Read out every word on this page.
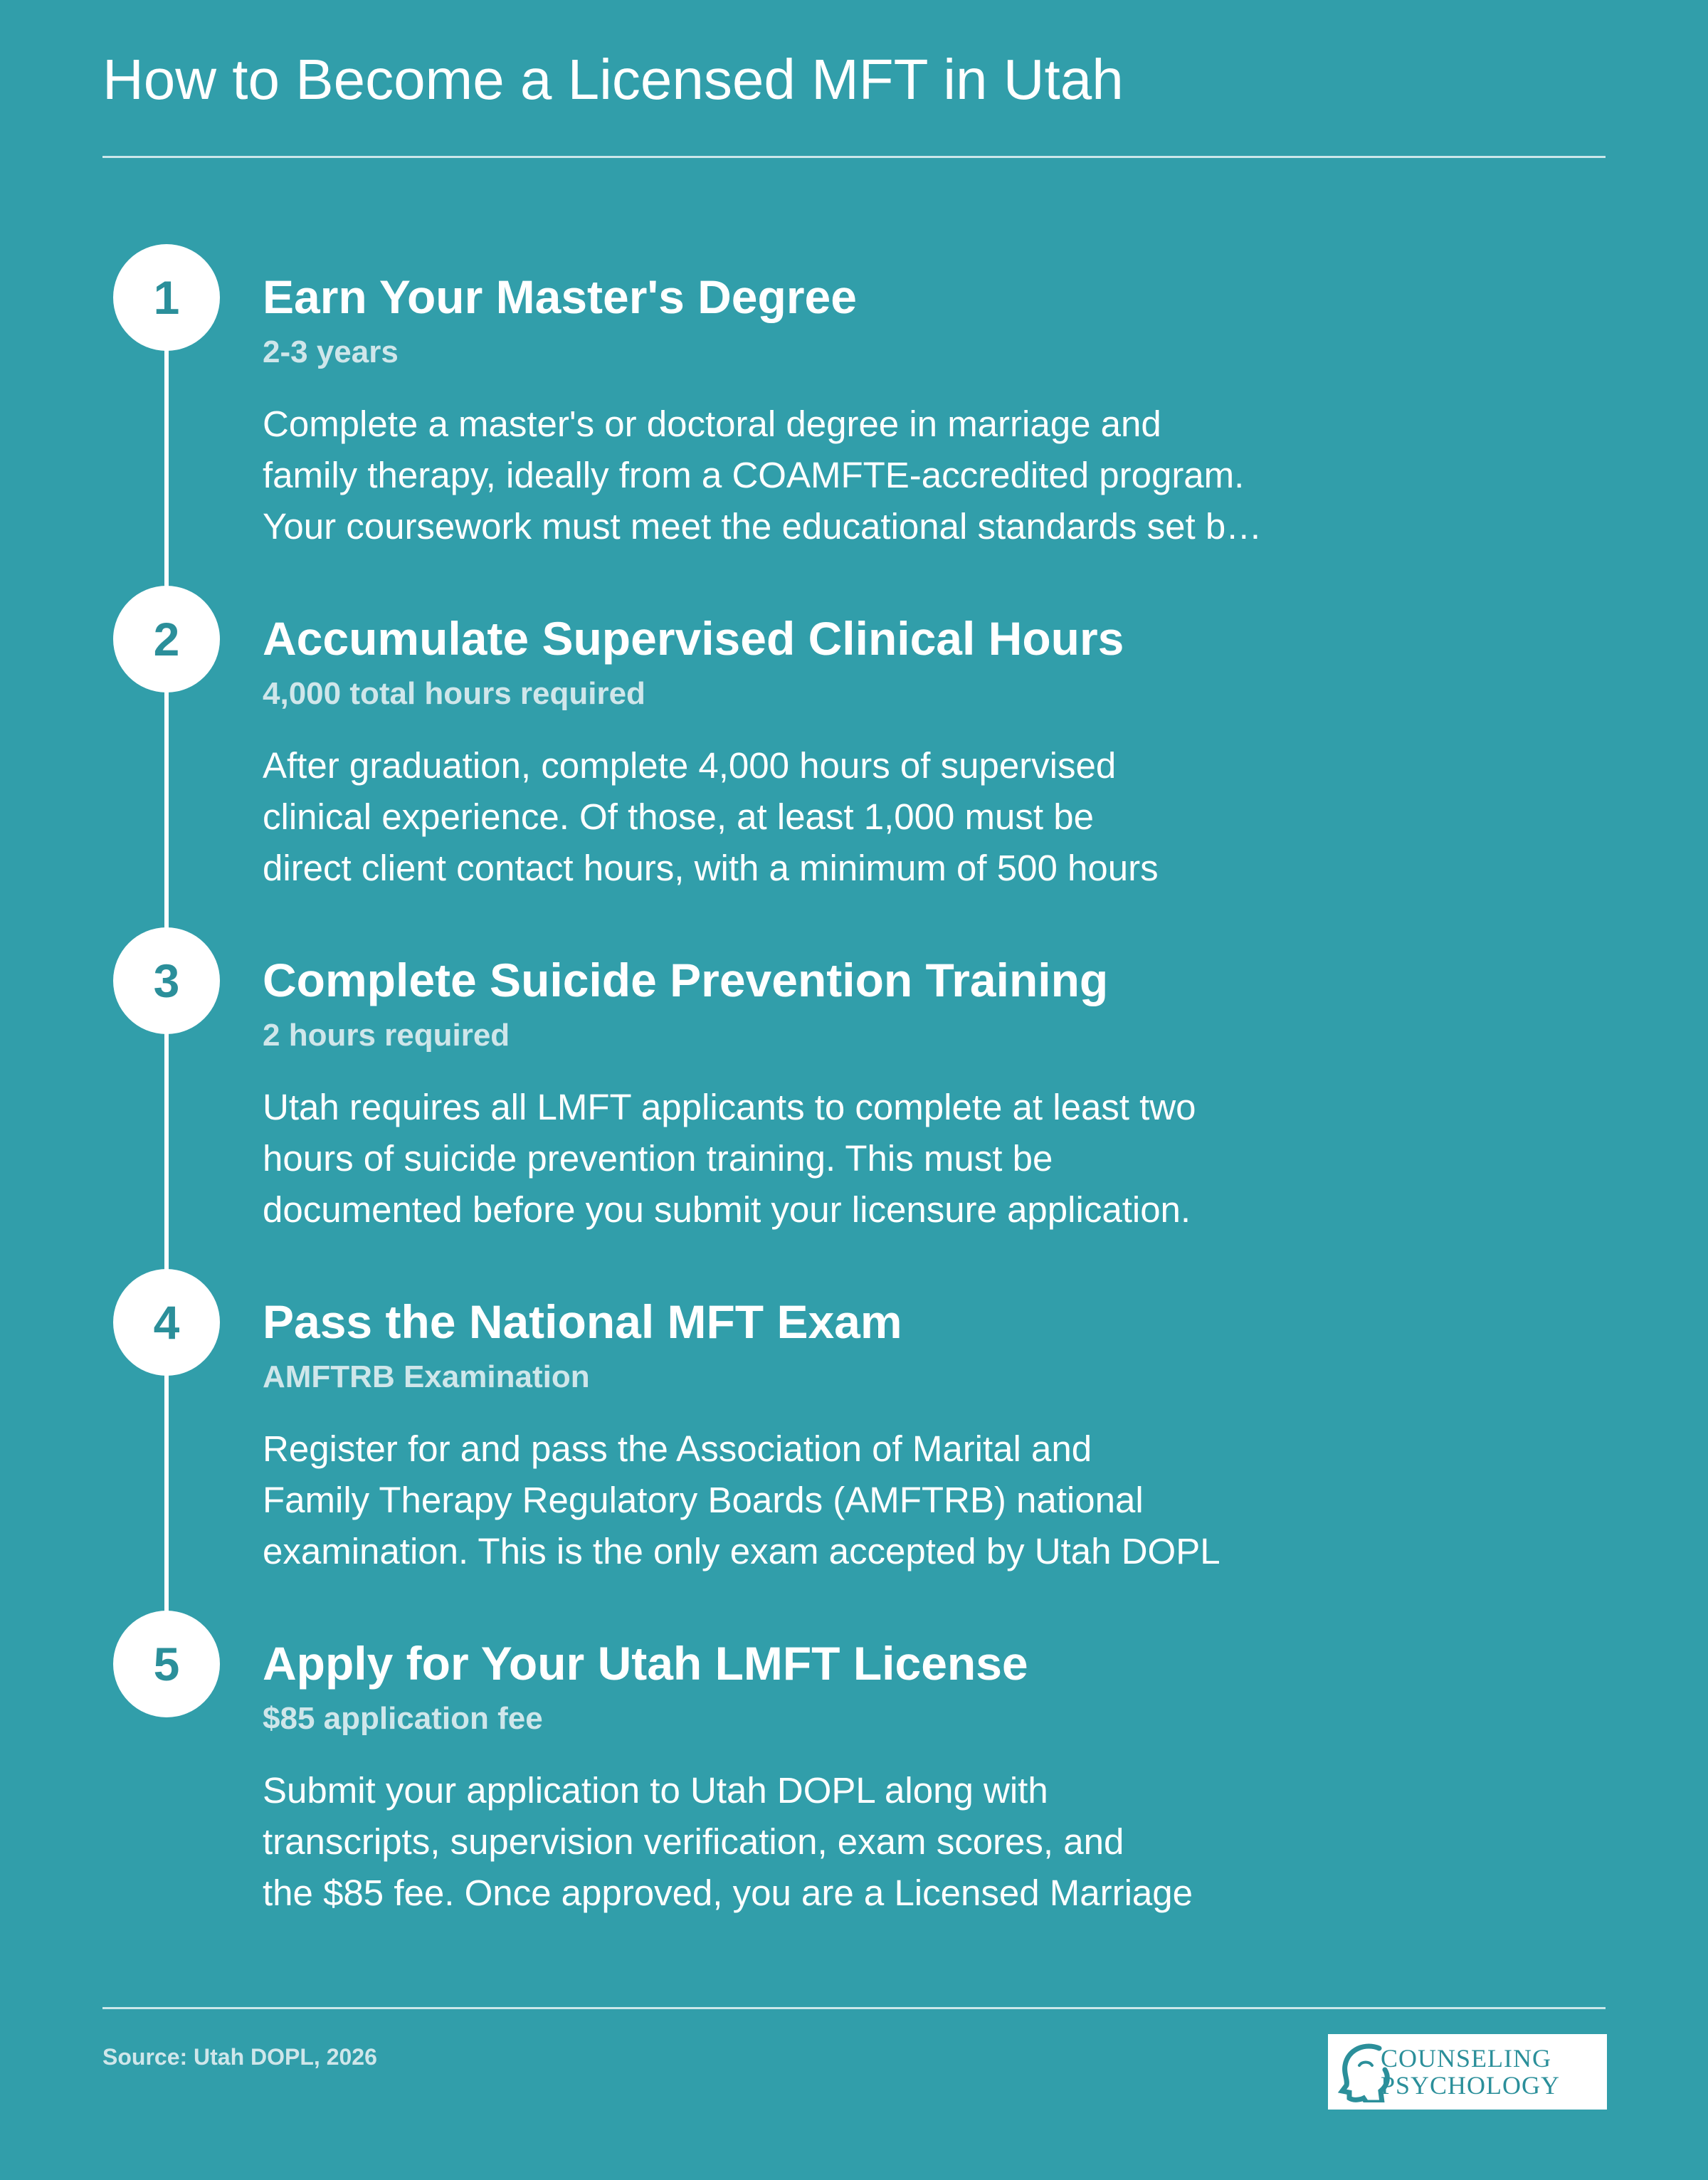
How to Become a Licensed MFT in Utah
1 Earn Your Master's Degree
2-3 years
Complete a master's or doctoral degree in marriage and
family therapy, ideally from a COAMFTE-accredited program.
Your coursework must meet the educational standards set b…
2 Accumulate Supervised Clinical Hours
4,000 total hours required
After graduation, complete 4,000 hours of supervised
clinical experience. Of those, at least 1,000 must be
direct client contact hours, with a minimum of 500 hours
3 Complete Suicide Prevention Training
2 hours required
Utah requires all LMFT applicants to complete at least two
hours of suicide prevention training. This must be
documented before you submit your licensure application.
4 Pass the National MFT Exam
AMFTRB Examination
Register for and pass the Association of Marital and
Family Therapy Regulatory Boards (AMFTRB) national
examination. This is the only exam accepted by Utah DOPL
5 Apply for Your Utah LMFT License
$85 application fee
Submit your application to Utah DOPL along with
transcripts, supervision verification, exam scores, and
the $85 fee. Once approved, you are a Licensed Marriage
Source: Utah DOPL, 2026	COUNSELING
PSYCHOLOGY
